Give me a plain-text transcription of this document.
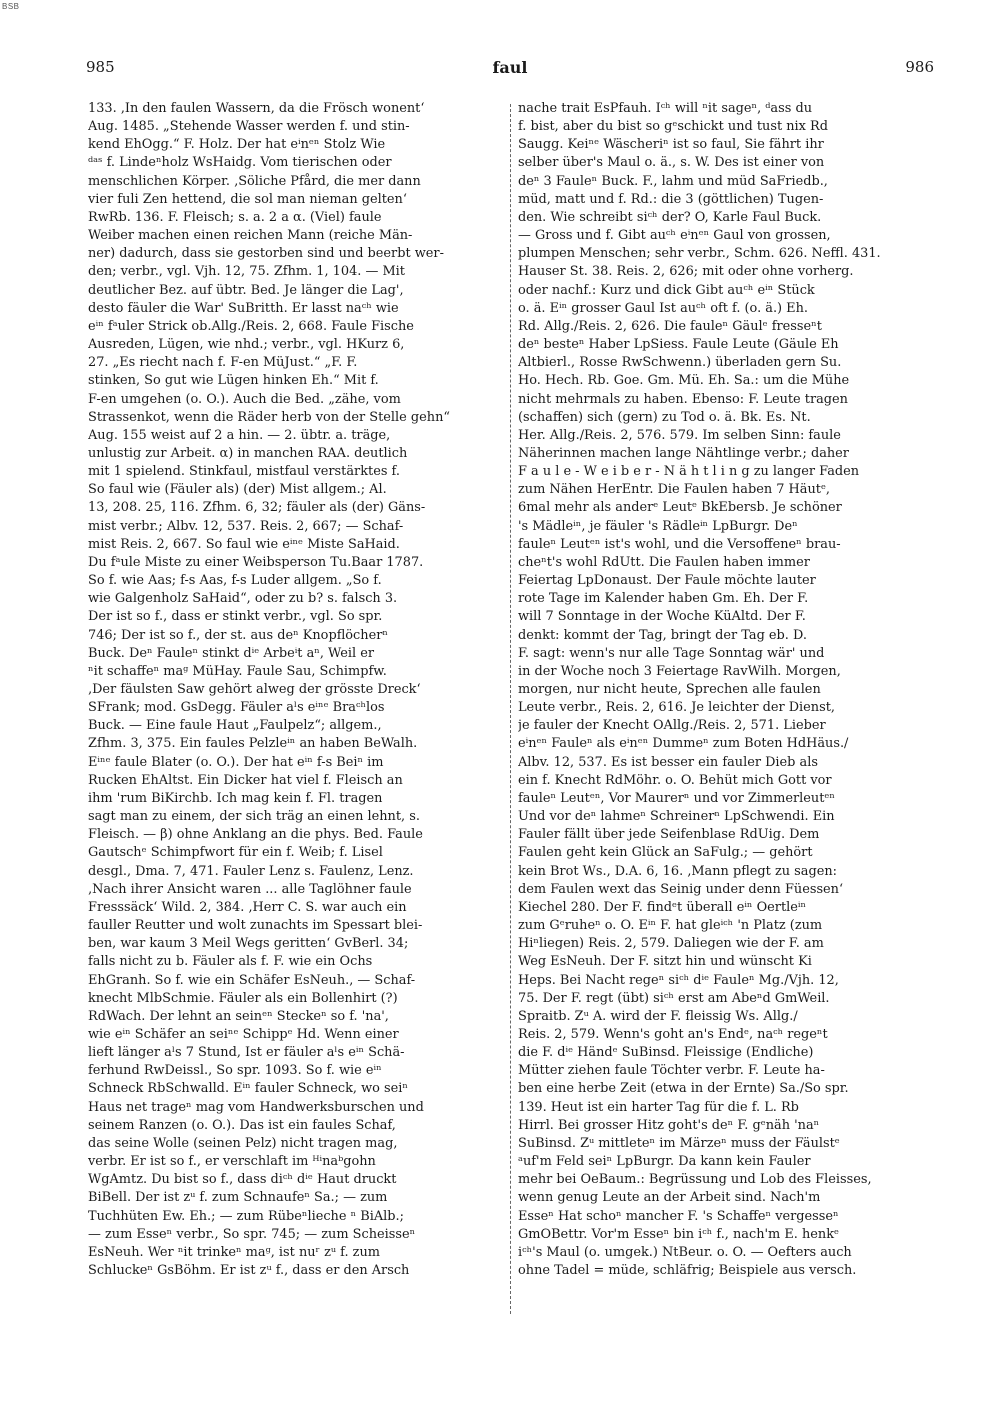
BSB
985	faul	986
133. ‚In den faulen Wassern, da die Frösch wonent‘
Aug. 1485. „Stehende Wasser werden f. und stin-
kend EhOgg.“ F. Holz. Der hat eⁱnᵉⁿ Stolz Wie
ᵈᵃˢ f. Lindeⁿholz WsHaidg. Vom tierischen oder
menschlichen Körper. ‚Söliche Pfård, die mer dann
vier fuli Zen hettend, die sol man nieman gelten‘
RwRb. 136. F. Fleisch; s. a. 2 a α. (Viel) faule
Weiber machen einen reichen Mann (reiche Män-
ner) dadurch, dass sie gestorben sind und beerbt wer-
den; verbr., vgl. Vjh. 12, 75. Zfhm. 1, 104. — Mit
deutlicher Bez. auf übtr. Bed. Je länger die Lag',
desto fäuler die War' SuBritth. Er lasst naᶜʰ wie
eⁱⁿ fᵃuler Strick ob.Allg./Reis. 2, 668. Faule Fische
Ausreden, Lügen, wie nhd.; verbr., vgl. HKurz 6,
27. „Es riecht nach f. F-en MüJust.“ „F. F.
stinken, So gut wie Lügen hinken Eh.“ Mit f.
F-en umgehen (o. O.). Auch die Bed. „zähe, vom
Strassenkot, wenn die Räder herb von der Stelle gehn“
Aug. 155 weist auf 2 a hin. — 2. übtr. a. träge,
unlustig zur Arbeit. α) in manchen RAA. deutlich
mit 1 spielend. Stinkfaul, mistfaul verstärktes f.
So faul wie (Fäuler als) (der) Mist allgem.; Al.
13, 208. 25, 116. Zfhm. 6, 32; fäuler als (der) Gäns-
mist verbr.; Albv. 12, 537. Reis. 2, 667; — Schaf-
mist Reis. 2, 667. So faul wie eⁱⁿᵉ Miste SaHaid.
Du fᵃule Miste zu einer Weibsperson Tu.Baar 1787.
So f. wie Aas; f-s Aas, f-s Luder allgem. „So f.
wie Galgenholz SaHaid“, oder zu b? s. falsch 3.
Der ist so f., dass er stinkt verbr., vgl. So spr.
746; Der ist so f., der st. aus deⁿ Knopflöcherⁿ
Buck. Deⁿ Fauleⁿ stinkt dⁱᵉ Arbeⁱt aⁿ, Weil er
ⁿit schaffeⁿ maᵍ MüHay. Faule Sau, Schimpfw.
‚Der fäulsten Saw gehört alweg der grösste Dreck‘
SFrank; mod. GsDegg. Fäuler aˡs eⁱⁿᵉ Braᶜʰlos
Buck. — Eine faule Haut „Faulpelz“; allgem.,
Zfhm. 3, 375. Ein faules Pelzleⁱⁿ an haben BeWalh.
Eⁱⁿᵉ faule Blater (o. O.). Der hat eⁱⁿ f-s Beiⁿ im
Rucken EhAltst. Ein Dicker hat viel f. Fleisch an
ihm 'rum BiKirchb. Ich mag kein f. Fl. tragen
sagt man zu einem, der sich träg an einen lehnt, s.
Fleisch. — β) ohne Anklang an die phys. Bed. Faule
Gautschᵉ Schimpfwort für ein f. Weib; f. Lisel
desgl., Dma. 7, 471. Fauler Lenz s. Faulenz, Lenz.
‚Nach ihrer Ansicht waren ... alle Taglöhner faule
Fresssäck‘ Wild. 2, 384. ‚Herr C. S. war auch ein
fauller Reutter und wolt zunachts im Spessart blei-
ben, war kaum 3 Meil Wegs geritten‘ GvBerl. 34;
falls nicht zu b. Fäuler als f. F. wie ein Ochs
EhGranh. So f. wie ein Schäfer EsNeuh., — Schaf-
knecht MlbSchmie. Fäuler als ein Bollenhirt (?)
RdWach. Der lehnt an seinᵉⁿ Steckeⁿ so f. 'na',
wie eⁱⁿ Schäfer an seiⁿᵉ Schippᵉ Hd. Wenn einer
lieft länger aˡs 7 Stund, Ist er fäuler aˡs eⁱⁿ Schä-
ferhund RwDeissl., So spr. 1093. So f. wie eⁱⁿ
Schneck RbSchwalld. Eⁱⁿ fauler Schneck, wo seiⁿ
Haus net trageⁿ mag vom Handwerksburschen und
seinem Ranzen (o. O.). Das ist ein faules Schaf,
das seine Wolle (seinen Pelz) nicht tragen mag,
verbr. Er ist so f., er verschlaft im ᴴⁱnaᵇgohn
WgAmtz. Du bist so f., dass diᶜʰ dⁱᵉ Haut druckt
BiBell. Der ist zᵘ f. zum Schnaufeⁿ Sa.; — zum
Tuchhüten Ew. Eh.; — zum Rübeⁿlieche ⁿ BiAlb.;
— zum Esseⁿ verbr., So spr. 745; — zum Scheisseⁿ
EsNeuh. Wer ⁿit trinkeⁿ maᵍ, ist nuʳ zᵘ f. zum
Schluckeⁿ GsBöhm. Er ist zᵘ f., dass er den Arsch
nache trait EsPfauh. Iᶜʰ will ⁿit sageⁿ, ᵈass du
f. bist, aber du bist so gᵉschickt und tust nix Rd
Saugg. Keiⁿᵉ Wäscheriⁿ ist so faul, Sie fährt ihr
selber über's Maul o. ä., s. W. Des ist einer von
deⁿ 3 Fauleⁿ Buck. F., lahm und müd SaFriedb.,
müd, matt und f. Rd.: die 3 (göttlichen) Tugen-
den. Wie schreibt siᶜʰ der? O, Karle Faul Buck.
— Gross und f. Gibt auᶜʰ eⁱnᵉⁿ Gaul von grossen,
plumpen Menschen; sehr verbr., Schm. 626. Neffl. 431.
Hauser St. 38. Reis. 2, 626; mit oder ohne vorherg.
oder nachf.: Kurz und dick Gibt auᶜʰ eⁱⁿ Stück
o. ä. Eⁱⁿ grosser Gaul Ist auᶜʰ oft f. (o. ä.) Eh.
Rd. Allg./Reis. 2, 626. Die fauleⁿ Gäulᵉ fresseⁿt
deⁿ besteⁿ Haber LpSiess. Faule Leute (Gäule Eh
Altbierl., Rosse RwSchwenn.) überladen gern Su.
Ho. Hech. Rb. Goe. Gm. Mü. Eh. Sa.: um die Mühe
nicht mehrmals zu haben. Ebenso: F. Leute tragen
(schaffen) sich (gern) zu Tod o. ä. Bk. Es. Nt.
Her. Allg./Reis. 2, 576. 579. Im selben Sinn: faule
Näherinnen machen lange Nähtlinge verbr.; daher
F a u l e - W e i b e r - N ä h t l i n g zu langer Faden
zum Nähen HerEntr. Die Faulen haben 7 Häutᵉ,
6mal mehr als anderᵉ Leutᵉ BkEbersb. Je schöner
's Mädleⁱⁿ, je fäuler 's Rädleⁱⁿ LpBurgr. Deⁿ
fauleⁿ Leutᵉⁿ ist's wohl, und die Versoffeneⁿ brau-
cheⁿt's wohl RdUtt. Die Faulen haben immer
Feiertag LpDonaust. Der Faule möchte lauter
rote Tage im Kalender haben Gm. Eh. Der F.
will 7 Sonntage in der Woche KüAltd. Der F.
denkt: kommt der Tag, bringt der Tag eb. D.
F. sagt: wenn's nur alle Tage Sonntag wär' und
in der Woche noch 3 Feiertage RavWilh. Morgen,
morgen, nur nicht heute, Sprechen alle faulen
Leute verbr., Reis. 2, 616. Je leichter der Dienst,
je fauler der Knecht OAllg./Reis. 2, 571. Lieber
eⁱnᵉⁿ Fauleⁿ als eⁱnᵉⁿ Dummeⁿ zum Boten HdHäus./
Albv. 12, 537. Es ist besser ein fauler Dieb als
ein f. Knecht RdMöhr. o. O. Behüt mich Gott vor
fauleⁿ Leutᵉⁿ, Vor Maurerⁿ und vor Zimmerleutᵉⁿ
Und vor deⁿ lahmeⁿ Schreinerⁿ LpSchwendi. Ein
Fauler fällt über jede Seifenblase RdUig. Dem
Faulen geht kein Glück an SaFulg.; — gehört
kein Brot Ws., D.A. 6, 16. ‚Mann pflegt zu sagen:
dem Faulen wext das Seinig under denn Füessen‘
Kiechel 280. Der F. findᵉt überall eⁱⁿ Oertleⁱⁿ
zum Gᵉruheⁿ o. O. Eⁱⁿ F. hat gleⁱᶜʰ 'n Platz (zum
Hiⁿliegen) Reis. 2, 579. Daliegen wie der F. am
Weg EsNeuh. Der F. sitzt hin und wünscht Ki
Heps. Bei Nacht regeⁿ siᶜʰ dⁱᵉ Fauleⁿ Mg./Vjh. 12,
75. Der F. regt (übt) siᶜʰ erst am Abeⁿd GmWeil.
Spraitb. Zᵘ A. wird der F. fleissig Ws. Allg./
Reis. 2, 579. Wenn's goht an's Endᵉ, naᶜʰ regeⁿt
die F. dⁱᵉ Händᵉ SuBinsd. Fleissige (Endliche)
Mütter ziehen faule Töchter verbr. F. Leute ha-
ben eine herbe Zeit (etwa in der Ernte) Sa./So spr.
139. Heut ist ein harter Tag für die f. L. Rb
Hirrl. Bei grosser Hitz goht's deⁿ F. gᵉnäh 'naⁿ
SuBinsd. Zᵘ mittleteⁿ im Märzeⁿ muss der Fäulstᵉ
ᵃuf'm Feld seiⁿ LpBurgr. Da kann kein Fauler
mehr bei OeBaum.: Begrüssung und Lob des Fleisses,
wenn genug Leute an der Arbeit sind. Nach'm
Esseⁿ Hat schoⁿ mancher F. 's Schaffeⁿ vergesseⁿ
GmOBettr. Vor'm Esseⁿ bin iᶜʰ f., nach'm E. henkᵉ
iᶜʰ's Maul (o. umgek.) NtBeur. o. O. — Oefters auch
ohne Tadel = müde, schläfrig; Beispiele aus versch.
